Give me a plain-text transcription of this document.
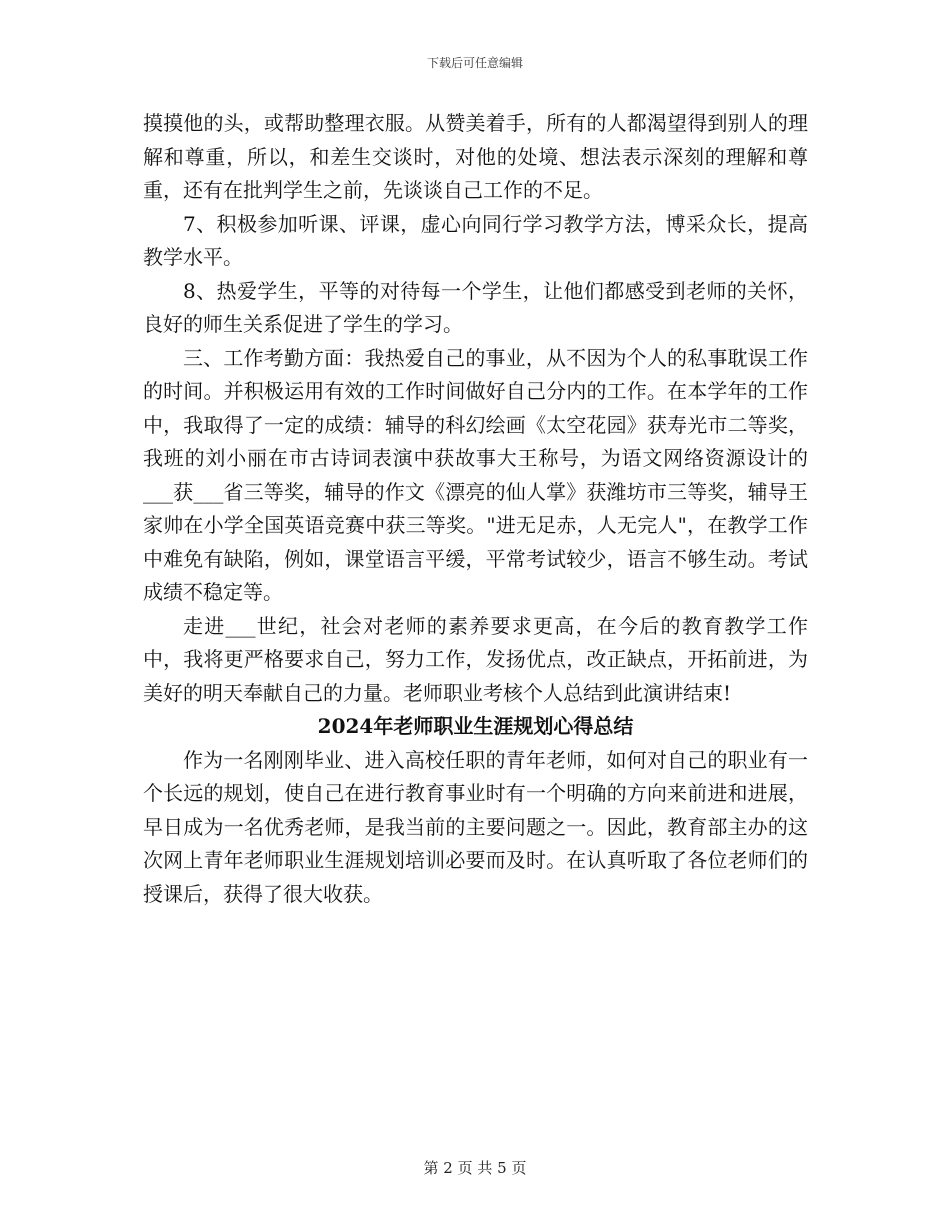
下载后可任意编辑

摸摸他的头，或帮助整理衣服。从赞美着手，所有的人都渴望得到别人的理解和尊重，所以，和差生交谈时，对他的处境、想法表示深刻的理解和尊重，还有在批判学生之前，先谈谈自己工作的不足。

7、积极参加听课、评课，虚心向同行学习教学方法，博采众长，提高教学水平。

8、热爱学生，平等的对待每一个学生，让他们都感受到老师的关怀，良好的师生关系促进了学生的学习。

三、工作考勤方面：我热爱自己的事业，从不因为个人的私事耽误工作的时间。并积极运用有效的工作时间做好自己分内的工作。在本学年的工作中，我取得了一定的成绩：辅导的科幻绘画《太空花园》获寿光市二等奖，我班的刘小丽在市古诗词表演中获故事大王称号，为语文网络资源设计的___获___省三等奖，辅导的作文《漂亮的仙人掌》获潍坊市三等奖，辅导王家帅在小学全国英语竞赛中获三等奖。"进无足赤，人无完人"，在教学工作中难免有缺陷，例如，课堂语言平缓，平常考试较少，语言不够生动。考试成绩不稳定等。

走进___世纪，社会对老师的素养要求更高，在今后的教育教学工作中，我将更严格要求自己，努力工作，发扬优点，改正缺点，开拓前进，为美好的明天奉献自己的力量。老师职业考核个人总结到此演讲结束!

2024年老师职业生涯规划心得总结

作为一名刚刚毕业、进入高校任职的青年老师，如何对自己的职业有一个长远的规划，使自己在进行教育事业时有一个明确的方向来前进和进展，早日成为一名优秀老师，是我当前的主要问题之一。因此，教育部主办的这次网上青年老师职业生涯规划培训必要而及时。在认真听取了各位老师们的授课后，获得了很大收获。

第 2 页 共 5 页
